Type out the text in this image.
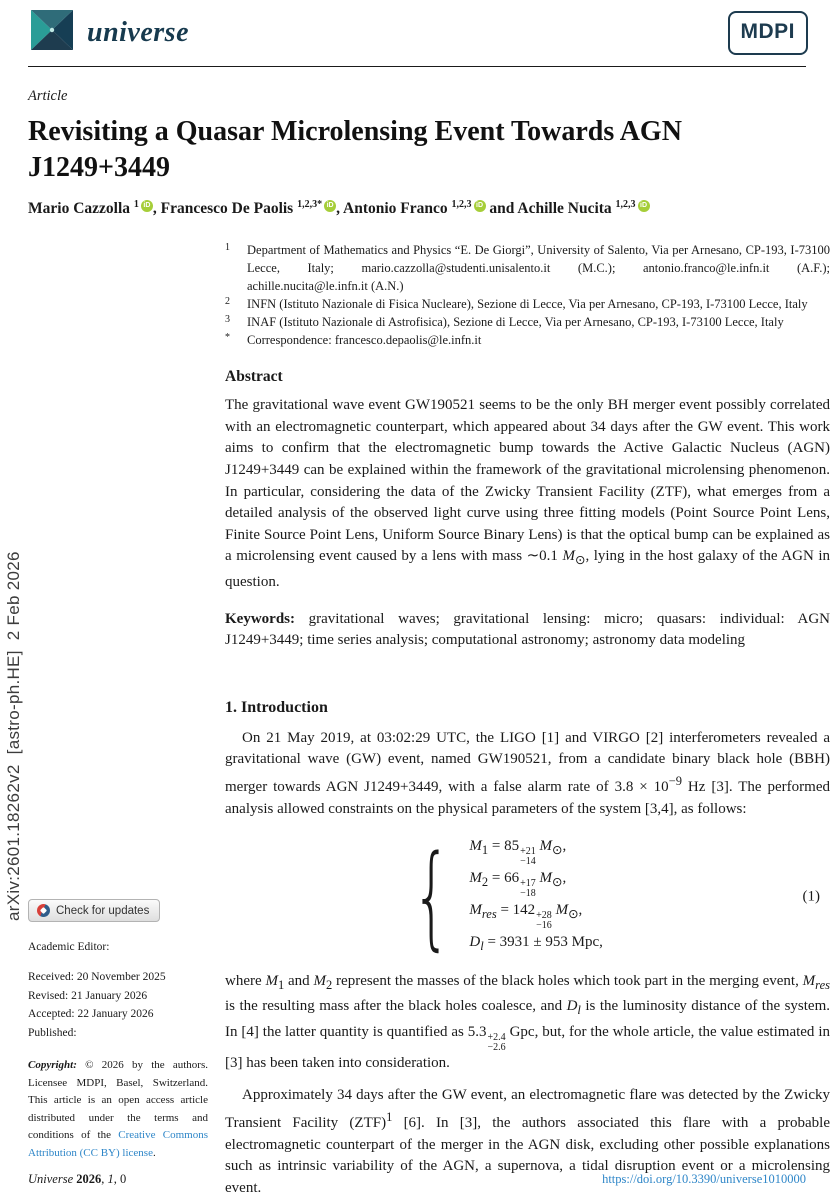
universe	MDPI
arXiv:2601.18262v2  [astro-ph.HE]  2 Feb 2026
Article
Revisiting a Quasar Microlensing Event Towards AGN J1249+3449
Mario Cazzolla $^1$ iD , Francesco De Paolis $^{1,2,3*}$ iD , Antonio Franco $^{1,2,3}$ iD and Achille Nucita $^{1,2,3}$ iD
1	Department of Mathematics and Physics “E. De Giorgi”, University of Salento, Via per Arnesano, CP-193, I-73100 Lecce, Italy; mario.cazzolla@studenti.unisalento.it (M.C.); antonio.franco@le.infn.it (A.F.); achille.nucita@le.infn.it (A.N.)
2	INFN (Istituto Nazionale di Fisica Nucleare), Sezione di Lecce, Via per Arnesano, CP-193, I-73100 Lecce, Italy
3	INAF (Istituto Nazionale di Astrofisica), Sezione di Lecce, Via per Arnesano, CP-193, I-73100 Lecce, Italy
*	Correspondence: francesco.depaolis@le.infn.it
Abstract
The gravitational wave event GW190521 seems to be the only BH merger event possibly correlated with an electromagnetic counterpart, which appeared about 34 days after the GW event. This work aims to confirm that the electromagnetic bump towards the Active Galactic Nucleus (AGN) J1249+3449 can be explained within the framework of the gravitational microlensing phenomenon. In particular, considering the data of the Zwicky Transient Facility (ZTF), what emerges from a detailed analysis of the observed light curve using three fitting models (Point Source Point Lens, Finite Source Point Lens, Uniform Source Binary Lens) is that the optical bump can be explained as a microlensing event caused by a lens with mass ∼0.1 $M_⊙$, lying in the host galaxy of the AGN in question.
Keywords: gravitational waves; gravitational lensing: micro; quasars: individual: AGN J1249+3449; time series analysis; computational astronomy; astronomy data modeling
1. Introduction
On 21 May 2019, at 03:02:29 UTC, the LIGO [1] and VIRGO [2] interferometers revealed a gravitational wave (GW) event, named GW190521, from a candidate binary black hole (BBH) merger towards AGN J1249+3449, with a false alarm rate of $3.8 \times 10^{-9}$ Hz [3]. The performed analysis allowed constraints on the physical parameters of the system [3,4], as follows:
{ $M_1 = 85 +21$
−14
$M_⊙$,
$M_2 = 66 +17$
−18
$M_⊙$,
$M_{res} = 142 +28$
−16
$M_⊙$,
$D_l = 3931 \pm 953$ Mpc,
(1)
where $M_1$ and $M_2$ represent the masses of the black holes which took part in the merging event, $M_{res}$ is the resulting mass after the black holes coalesce, and $D_l$ is the luminosity distance of the system. In [4] the latter quantity is quantified as 5.3 +2.4
−2.6
Gpc, but, for the whole article, the value estimated in [3] has been taken into consideration.
Approximately 34 days after the GW event, an electromagnetic flare was detected by the Zwicky Transient Facility (ZTF)$^1$ [6]. In [3], the authors associated this flare with a probable electromagnetic counterpart of the merger in the AGN disk, excluding other possible explanations such as intrinsic variability of the AGN, a supernova, a tidal disruption event or a microlensing event.
Check for updates
Academic Editor:
Received: 20 November 2025
Revised: 21 January 2026
Accepted: 22 January 2026
Published:
Copyright: © 2026 by the authors. Licensee MDPI, Basel, Switzerland. This article is an open access article distributed under the terms and conditions of the Creative Commons Attribution (CC BY) license.
Universe 2026, 1, 0	https://doi.org/10.3390/universe1010000
